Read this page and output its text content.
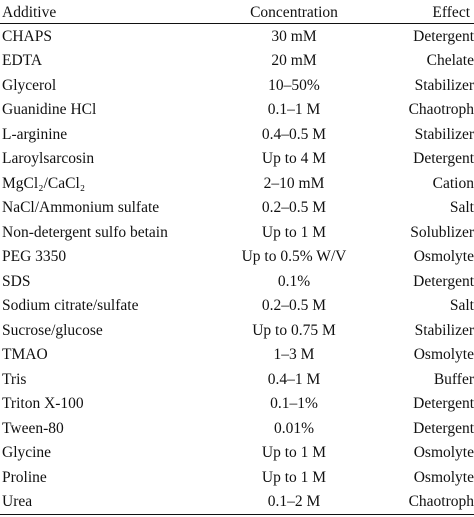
Additive	Concentration	Effect
CHAPS	30 mM	Detergent
EDTA	20 mM	Chelate
Glycerol	10–50%	Stabilizer
Guanidine HCl	0.1–1 M	Chaotroph
L-arginine	0.4–0.5 M	Stabilizer
Laroylsarcosin	Up to 4 M	Detergent
MgCl₂/CaCl₂	2–10 mM	Cation
NaCl/Ammonium sulfate	0.2–0.5 M	Salt
Non-detergent sulfo betain	Up to 1 M	Solublizer
PEG 3350	Up to 0.5% W/V	Osmolyte
SDS	0.1%	Detergent
Sodium citrate/sulfate	0.2–0.5 M	Salt
Sucrose/glucose	Up to 0.75 M	Stabilizer
TMAO	1–3 M	Osmolyte
Tris	0.4–1 M	Buffer
Triton X-100	0.1–1%	Detergent
Tween-80	0.01%	Detergent
Glycine	Up to 1 M	Osmolyte
Proline	Up to 1 M	Osmolyte
Urea	0.1–2 M	Chaotroph
